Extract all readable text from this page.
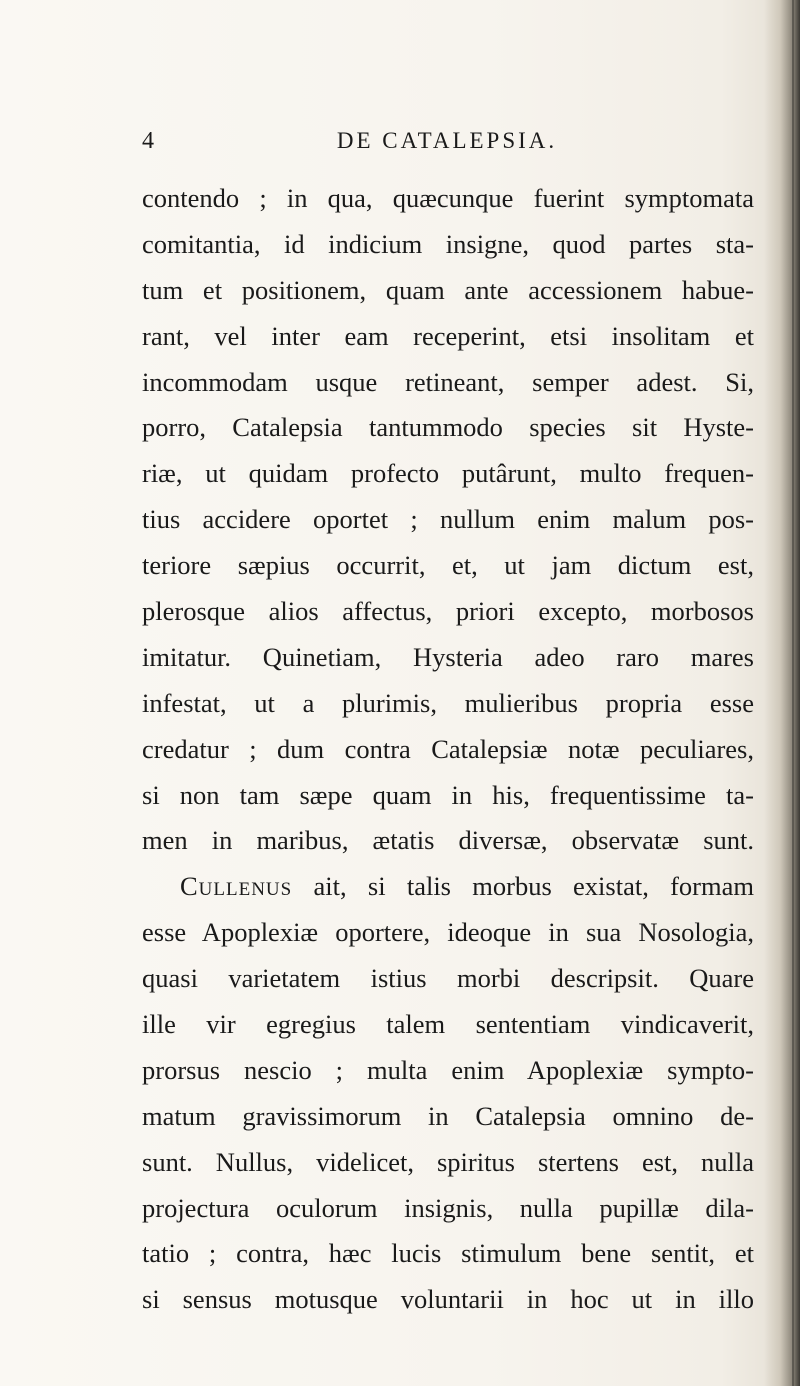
4	DE CATALEPSIA.
contendo ; in qua, quæcunque fuerint symptomata
comitantia, id indicium insigne, quod partes sta-
tum et positionem, quam ante accessionem habue-
rant, vel inter eam receperint, etsi insolitam et
incommodam usque retineant, semper adest. Si,
porro, Catalepsia tantummodo species sit Hyste-
riæ, ut quidam profecto putârunt, multo frequen-
tius accidere oportet ; nullum enim malum pos-
teriore sæpius occurrit, et, ut jam dictum est,
plerosque alios affectus, priori excepto, morbosos
imitatur. Quinetiam, Hysteria adeo raro mares
infestat, ut a plurimis, mulieribus propria esse
credatur ; dum contra Catalepsiæ notæ peculiares,
si non tam sæpe quam in his, frequentissime ta-
men in maribus, ætatis diversæ, observatæ sunt.
Cullenus ait, si talis morbus existat, formam
esse Apoplexiæ oportere, ideoque in sua Nosologia,
quasi varietatem istius morbi descripsit. Quare
ille vir egregius talem sententiam vindicaverit,
prorsus nescio ; multa enim Apoplexiæ sympto-
matum gravissimorum in Catalepsia omnino de-
sunt. Nullus, videlicet, spiritus stertens est, nulla
projectura oculorum insignis, nulla pupillæ dila-
tatio ; contra, hæc lucis stimulum bene sentit, et
si sensus motusque voluntarii in hoc ut in illo
